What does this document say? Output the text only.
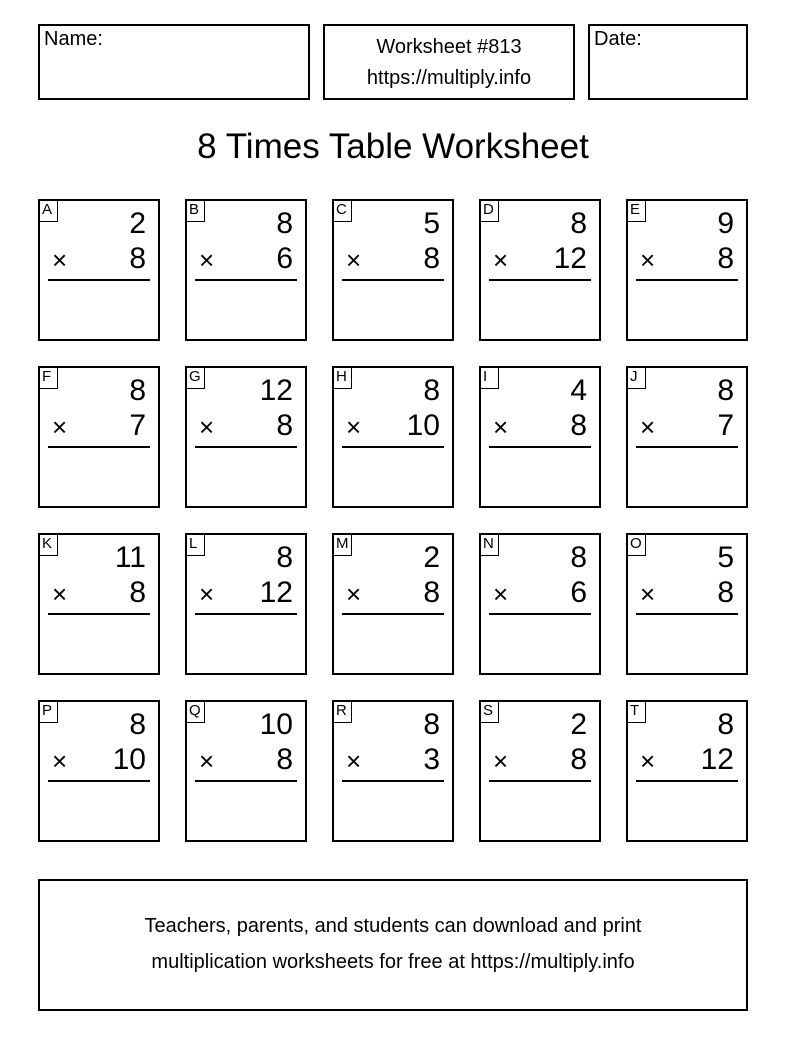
Name:	Worksheet #813
https://multiply.info
Date:
8 Times Table Worksheet
A	2
× 8
B	8
× 6
C	5
× 8
D	8
× 12
E	9
× 8
F	8
× 7
G 12
× 8
H	8
× 10
I	4
× 8
J	8
× 7
K 11
× 8
L	8
× 12
M 2
× 8
N	8
× 6
O	5
× 8
P	8
× 10
Q 10
× 8
R	8
× 3
S	2
× 8
T	8
× 12
Teachers, parents, and students can download and print
multiplication worksheets for free at https://multiply.info
